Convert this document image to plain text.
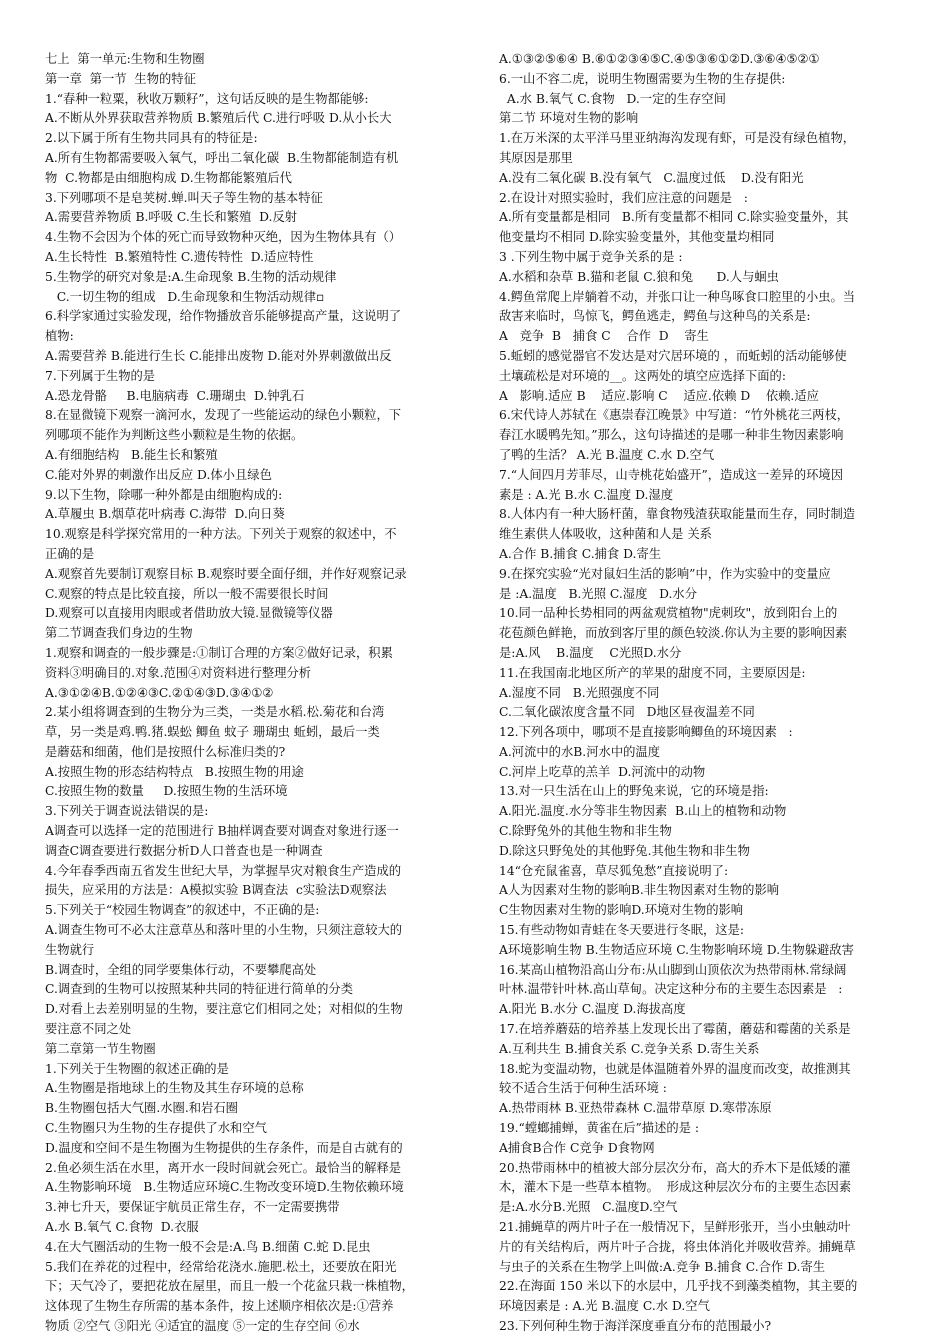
七上  第一单元:生物和生物圈
第一章  第一节  生物的特征
1.“春种一粒粟，秋收万颗籽”，这句话反映的是生物都能够:
A.不断从外界获取营养物质 B.繁殖后代 C.进行呼吸 D.从小长大
2.以下属于所有生物共同具有的特征是:
A.所有生物都需要吸入氧气，呼出二氧化碳  B.生物都能制造有机
物  C.物都是由细胞构成 D.生物都能繁殖后代
3.下列哪项不是皂荚树.蝉.叫天子等生物的基本特征
A.需要营养物质 B.呼吸 C.生长和繁殖  D.反射
4.生物不会因为个体的死亡而导致物种灭绝，因为生物体具有（）
A.生长特性  B.繁殖特性 C.遗传特性  D.适应特性
5.生物学的研究对象是:A.生命现象 B.生物的活动规律
C.一切生物的组成   D.生命现象和生物活动规律▫
6.科学家通过实验发现，给作物播放音乐能够提高产量，这说明了
植物:
A.需要营养 B.能进行生长 C.能排出废物 D.能对外界刺激做出反
7.下列属于生物的是
A.恐龙骨骼     B.电脑病毒  C.珊瑚虫  D.钟乳石
8.在显微镜下观察一滴河水，发现了一些能运动的绿色小颗粒，下
列哪项不能作为判断这些小颗粒是生物的依据。
A.有细胞结构   B.能生长和繁殖
C.能对外界的刺激作出反应 D.体小且绿色
9.以下生物，除哪一种外都是由细胞构成的:
A.草履虫 B.烟草花叶病毒 C.海带  D.向日葵
10.观察是科学探究常用的一种方法。下列关于观察的叙述中，不
正确的是
A.观察首先要制订观察目标 B.观察时要全面仔细，并作好观察记录
C.观察的特点是比较直接，所以一般不需要很长时间
D.观察可以直接用肉眼或者借助放大镜.显微镜等仪器
第二节调查我们身边的生物
1.观察和调查的一般步骤是:①制订合理的方案②做好记录，积累
资料③明确目的.对象.范围④对资料进行整理分析
A.③①②④B.①②④③C.②①④③D.③④①②
2.某小组将调查到的生物分为三类，一类是水稻.松.菊花和台湾
草，另一类是鸡.鸭.猪.蜈蚣 鲫鱼 蚊子 珊瑚虫 蚯蚓，最后一类
是蘑菇和细菌，他们是按照什么标准归类的?
A.按照生物的形态结构特点   B.按照生物的用途
C.按照生物的数量     D.按照生物的生活环境
3.下列关于调查说法错误的是:
A调查可以选择一定的范围进行 B抽样调查要对调查对象进行逐一
调查C调查要进行数据分析D人口普查也是一种调查
4.今年春季西南五省发生世纪大旱，为掌握旱灾对粮食生产造成的
损失，应采用的方法是：A模拟实验 B调查法  c实验法D观察法
5.下列关于“校园生物调查”的叙述中，不正确的是:
A.调查生物可不必太注意草丛和落叶里的小生物，只须注意较大的
生物就行
B.调查时，全组的同学要集体行动，不要攀爬高处
C.调查到的生物可以按照某种共同的特征进行简单的分类
D.对看上去差别明显的生物，要注意它们相同之处；对相似的生物
要注意不同之处
第二章第一节生物圈
1.下列关于生物圈的叙述正确的是
A.生物圈是指地球上的生物及其生存环境的总称
B.生物圈包括大气圈.水圈.和岩石圈
C.生物圈只为生物的生存提供了水和空气
D.温度和空间不是生物圈为生物提供的生存条件，而是自古就有的
2.鱼必须生活在水里，离开水一段时间就会死亡。最恰当的解释是
A.生物影响环境   B.生物适应环境C.生物改变环境D.生物依赖环境
3.神七升天，要保证宇航员正常生存，不一定需要携带
A.水 B.氧气 C.食物  D.衣服
4.在大气圈活动的生物一般不会是:A.鸟 B.细菌 C.蛇 D.昆虫
5.我们在养花的过程中，经常给花浇水.施肥.松土，还要放在阳光
下；天气冷了，要把花放在屋里，而且一般一个花盆只栽一株植物，
这体现了生物生存所需的基本条件，按上述顺序相依次是:①营养
物质 ②空气 ③阳光 ④适宜的温度 ⑤一定的生存空间 ⑥水
A.①③②⑤⑥④ B.⑥①②③④⑤C.④⑤③⑥①②D.③⑥④⑤②①
6.一山不容二虎，说明生物圈需要为生物的生存提供:
A.水 B.氧气 C.食物   D.一定的生存空间
第二节 环境对生物的影响
1.在万米深的太平洋马里亚纳海沟发现有虾，可是没有绿色植物，
其原因是那里
A.没有二氧化碳 B.没有氧气   C.温度过低    D.没有阳光
2.在设计对照实验时，我们应注意的问题是   :
A.所有变量都是相同   B.所有变量都不相同 C.除实验变量外，其
他变量均不相同 D.除实验变量外，其他变量均相同
3 .下列生物中属于竞争关系的是 :
A.水稻和杂草 B.猫和老鼠 C.狼和兔      D.人与蛔虫
4.鳄鱼常爬上岸躺着不动，并张口让一种鸟啄食口腔里的小虫。当
敌害来临时，鸟惊飞，鳄鱼逃走，鳄鱼与这种鸟的关系是:
A   竞争  B   捕食 C    合作  D    寄生
5.蚯蚓的感觉器官不发达是对穴居环境的 ，而蚯蚓的活动能够使
土壤疏松是对环境的__。这两处的填空应选择下面的:
A   影响.适应 B    适应.影响 C    适应.依赖 D    依赖.适应
6.宋代诗人苏轼在《惠崇春江晚景》中写道：“竹外桃花三两枝，
春江水暖鸭先知。”那么，这句诗描述的是哪一种非生物因素影响
了鸭的生活？ A.光 B.温度 C.水 D.空气
7.“人间四月芳菲尽，山寺桃花始盛开”，造成这一差异的环境因
素是 : A.光 B.水 C.温度 D.湿度
8.人体内有一种大肠杆菌，靠食物残渣获取能量而生存，同时制造
维生素供人体吸收，这种菌和人是 关系
A.合作 B.捕食 C.捕食 D.寄生
9.在探究实验“光对鼠妇生活的影响”中，作为实验中的变量应
是 :A.温度   B.光照 C.湿度   D.水分
10.同一品种长势相同的两盆观赏植物"虎刺玫"，放到阳台上的
花苞颜色鲜艳，而放到客厅里的颜色较淡.你认为主要的影响因素
是:A.风    B.温度    C光照D.水分
11.在我国南北地区所产的苹果的甜度不同，主要原因是:
A.湿度不同   B.光照强度不同
C.二氧化碳浓度含量不同   D地区昼夜温差不同
12.下列各项中，哪项不是直接影响鲫鱼的环境因素   :
A.河流中的水B.河水中的温度
C.河岸上吃草的羔羊  D.河流中的动物
13.对一只生活在山上的野兔来说，它的环境是指:
A.阳光.温度.水分等非生物因素  B.山上的植物和动物
C.除野兔外的其他生物和非生物
D.除这只野兔处的其他野兔.其他生物和非生物
14“仓充鼠雀喜，草尽狐兔愁”直接说明了:
A人为因素对生物的影响B.非生物因素对生物的影响
C生物因素对生物的影响D.环境对生物的影响
15.有些动物如青蛙在冬天要进行冬眠，这是:
A环境影响生物 B.生物适应环境 C.生物影响环境 D.生物躲避敌害
16.某高山植物沿高山分布:从山脚到山顶依次为热带雨林.常绿阔
叶林.温带针叶林.高山草甸。决定这种分布的主要生态因素是   :
A.阳光 B.水分 C.温度 D.海拔高度
17.在培养蘑菇的培养基上发现长出了霉菌，蘑菇和霉菌的关系是
A.互利共生 B.捕食关系 C.竞争关系 D.寄生关系
18.蛇为变温动物，也就是体温随着外界的温度而改变，故推测其
较不适合生活于何种生活环境 :
A.热带雨林 B.亚热带森林 C.温带草原 D.寒带冻原
19.“螳螂捕蝉，黄雀在后”描述的是 :
A捕食B合作 C竞争 D食物网
20.热带雨林中的植被大部分层次分布，高大的乔木下是低矮的灌
木，灌木下是一些草本植物。  形成这种层次分布的主要生态因素
是:A.水分B.光照   C.温度D.空气
21.捕蝇草的两片叶子在一般情况下，呈鲜形张开，当小虫触动叶
片的有关结构后，两片叶子合拢，将虫体消化并吸收营养。捕蝇草
与虫子的关系在生物学上叫做:A.竞争 B.捕食 C.合作 D.寄生
22.在海面 150 米以下的水层中，几乎找不到藻类植物，其主要的
环境因素是 : A.光 B.温度 C.水 D.空气
23.下列何种生物于海洋深度垂直分布的范围最小?
